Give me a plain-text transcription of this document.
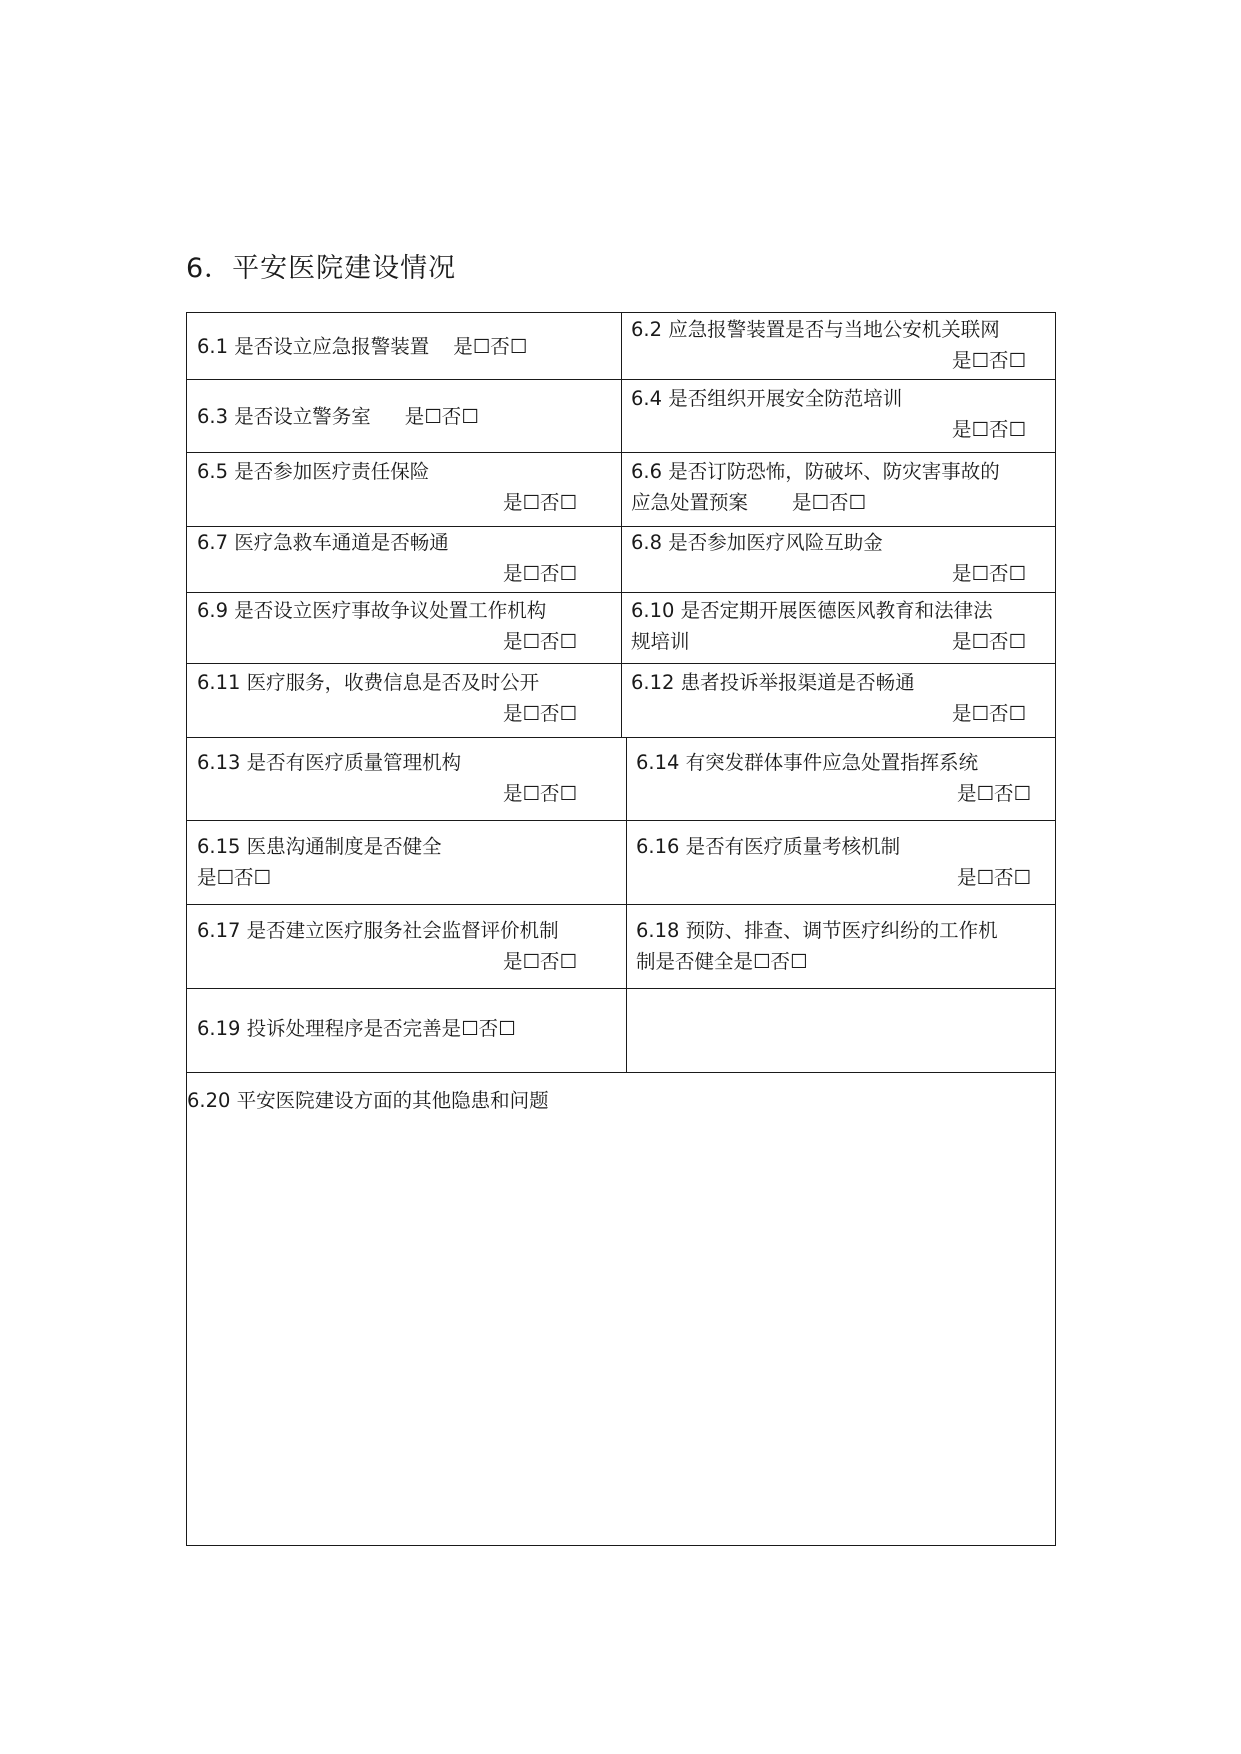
6．平安医院建设情况
6.1 是否设立应急报警装置 是☐否☐
6.2 应急报警装置是否与当地公安机关联网
是☐否☐
6.3 是否设立警务室 是☐否☐
6.4 是否组织开展安全防范培训
是☐否☐
6.5 是否参加医疗责任保险
是☐否☐
6.6 是否订防恐怖，防破坏、防灾害事故的
应急处置预案 是☐否☐
6.7 医疗急救车通道是否畅通
是☐否☐
6.8 是否参加医疗风险互助金
是☐否☐
6.9 是否设立医疗事故争议处置工作机构
是☐否☐
6.10 是否定期开展医德医风教育和法律法
规培训	是☐否☐
6.11 医疗服务，收费信息是否及时公开
是☐否☐
6.12 患者投诉举报渠道是否畅通
是☐否☐
6.13 是否有医疗质量管理机构
是☐否☐
6.14 有突发群体事件应急处置指挥系统
是☐否☐
6.15 医患沟通制度是否健全
是☐否☐
6.16 是否有医疗质量考核机制
是☐否☐
6.17 是否建立医疗服务社会监督评价机制
是☐否☐
6.18 预防、排查、调节医疗纠纷的工作机
制是否健全是☐否☐
6.19 投诉处理程序是否完善是☐否☐
6.20 平安医院建设方面的其他隐患和问题
